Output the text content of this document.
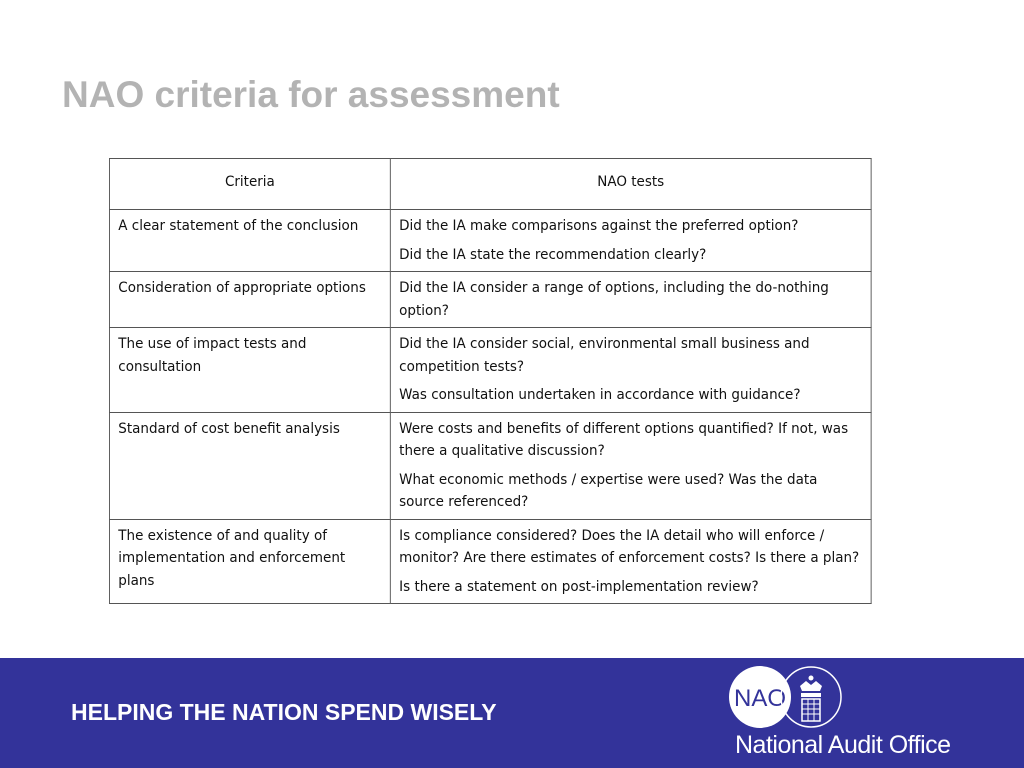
NAO criteria for assessment
Criteria	NAO tests
A clear statement of the conclusion	Did the IA make comparisons against the preferred option?
Did the IA state the recommendation clearly?

Consideration of appropriate options	Did the IA consider a range of options, including the do-nothing option?

The use of impact tests and consultation	Did the IA consider social, environmental small business and competition tests?
Was consultation undertaken in accordance with guidance?

Standard of cost benefit analysis	Were costs and benefits of different options quantified? If not, was there a qualitative discussion?
What economic methods / expertise were used? Was the data source referenced?

The existence of and quality of implementation and enforcement plans	Is compliance considered? Does the IA detail who will enforce / monitor? Are there estimates of enforcement costs? Is there a plan?
Is there a statement on post-implementation review?

HELPING THE NATION SPEND WISELY	NAO
National Audit Office
